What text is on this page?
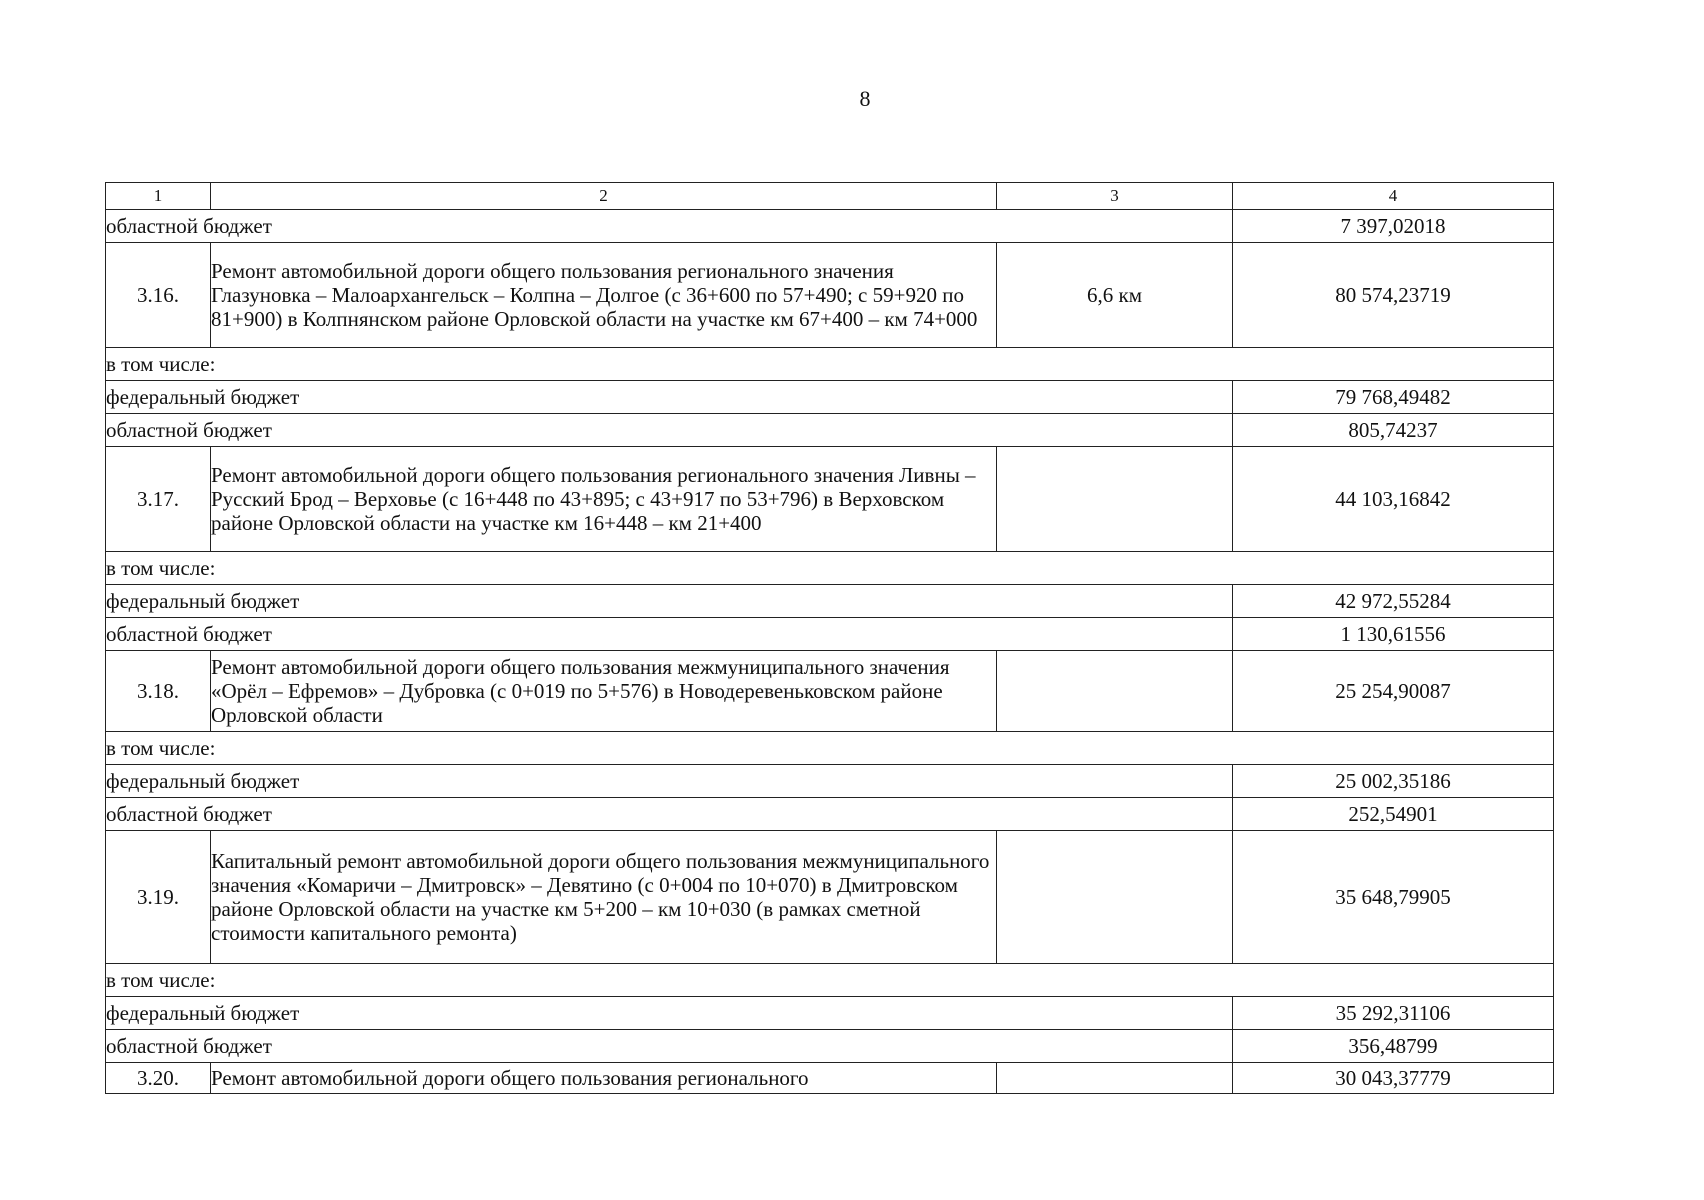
8
1	2	3	4
областной бюджет			7 397,02018
3.16.	Ремонт автомобильной дороги общего пользования регионального значения Глазуновка – Малоархангельск – Колпна – Долгое (с 36+600 по 57+490; с 59+920 по 81+900) в Колпнянском районе Орловской области на участке км 67+400 – км 74+000	6,6 км	80 574,23719
в том числе:			
федеральный бюджет			79 768,49482
областной бюджет			805,74237
3.17.	Ремонт автомобильной дороги общего пользования регионального значения Ливны – Русский Брод – Верховье (с 16+448 по 43+895; с 43+917 по 53+796) в Верховском районе Орловской области на участке км 16+448 – км 21+400		44 103,16842
в том числе:			
федеральный бюджет			42 972,55284
областной бюджет			1 130,61556
3.18.	Ремонт автомобильной дороги общего пользования межмуниципального значения «Орёл – Ефремов» – Дубровка (с 0+019 по 5+576) в Новодеревеньковском районе Орловской области		25 254,90087
в том числе:			
федеральный бюджет			25 002,35186
областной бюджет			252,54901
3.19.	Капитальный ремонт автомобильной дороги общего пользования межмуниципального значения «Комаричи – Дмитровск» – Девятино (с 0+004 по 10+070) в Дмитровском районе Орловской области на участке км 5+200 – км 10+030 (в рамках сметной стоимости капитального ремонта)		35 648,79905
в том числе:			
федеральный бюджет			35 292,31106
областной бюджет			356,48799
3.20.	Ремонт автомобильной дороги общего пользования регионального		30 043,37779
